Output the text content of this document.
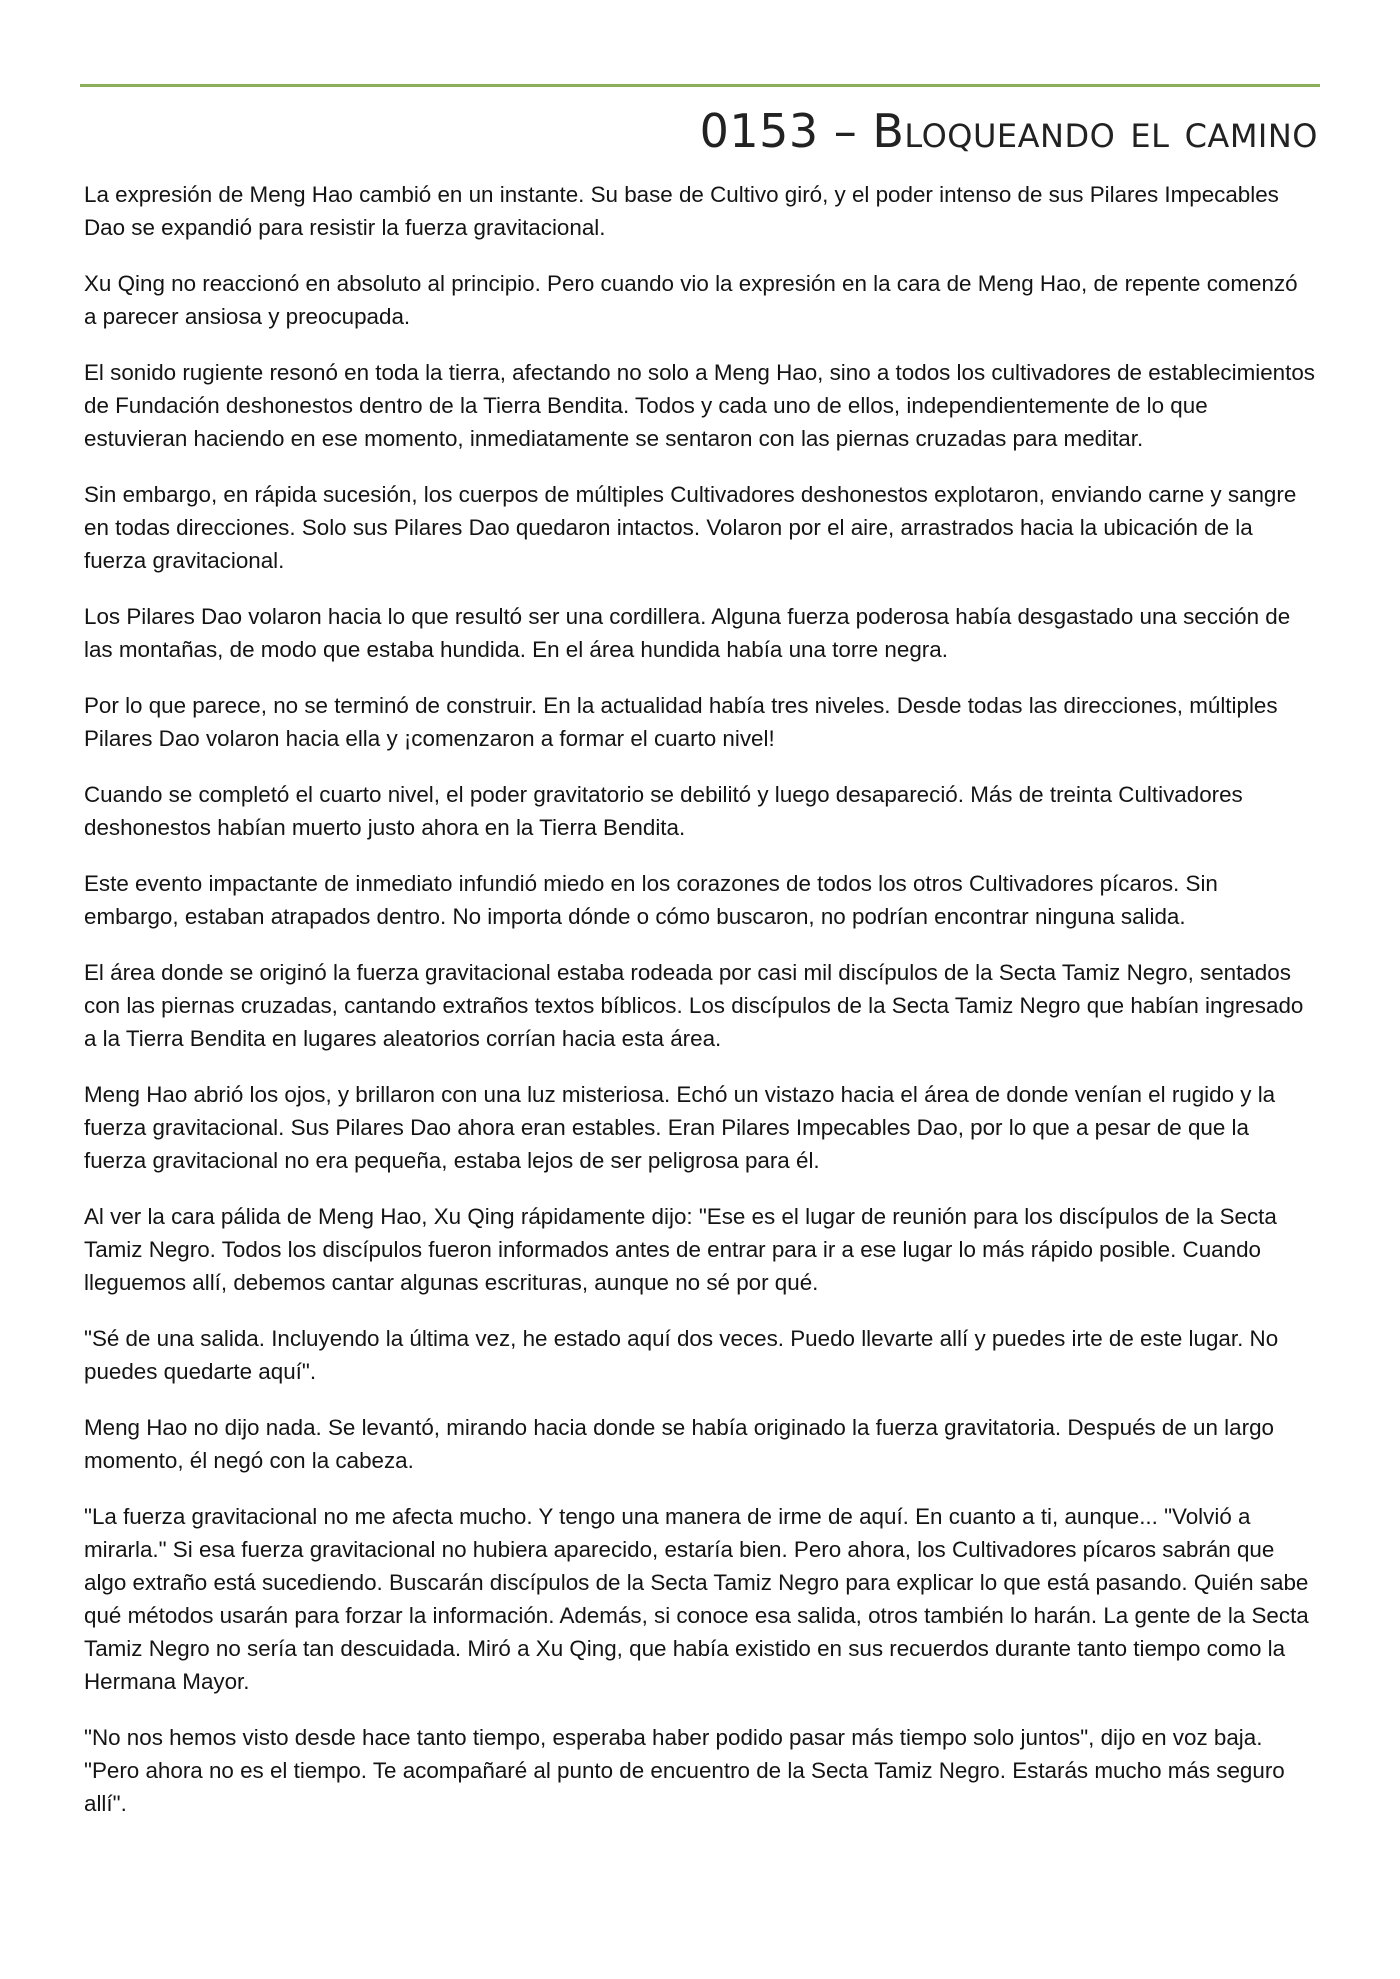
0153 – Bloqueando el camino

La expresión de Meng Hao cambió en un instante. Su base de Cultivo giró, y el poder intenso de sus Pilares Impecables Dao se expandió para resistir la fuerza gravitacional.

Xu Qing no reaccionó en absoluto al principio. Pero cuando vio la expresión en la cara de Meng Hao, de repente comenzó a parecer ansiosa y preocupada.

El sonido rugiente resonó en toda la tierra, afectando no solo a Meng Hao, sino a todos los cultivadores de establecimientos de Fundación deshonestos dentro de la Tierra Bendita. Todos y cada uno de ellos, independientemente de lo que estuvieran haciendo en ese momento, inmediatamente se sentaron con las piernas cruzadas para meditar.

Sin embargo, en rápida sucesión, los cuerpos de múltiples Cultivadores deshonestos explotaron, enviando carne y sangre en todas direcciones. Solo sus Pilares Dao quedaron intactos. Volaron por el aire, arrastrados hacia la ubicación de la fuerza gravitacional.

Los Pilares Dao volaron hacia lo que resultó ser una cordillera. Alguna fuerza poderosa había desgastado una sección de las montañas, de modo que estaba hundida. En el área hundida había una torre negra.

Por lo que parece, no se terminó de construir. En la actualidad había tres niveles. Desde todas las direcciones, múltiples Pilares Dao volaron hacia ella y ¡comenzaron a formar el cuarto nivel!

Cuando se completó el cuarto nivel, el poder gravitatorio se debilitó y luego desapareció. Más de treinta Cultivadores deshonestos habían muerto justo ahora en la Tierra Bendita.

Este evento impactante de inmediato infundió miedo en los corazones de todos los otros Cultivadores pícaros. Sin embargo, estaban atrapados dentro. No importa dónde o cómo buscaron, no podrían encontrar ninguna salida.

El área donde se originó la fuerza gravitacional estaba rodeada por casi mil discípulos de la Secta Tamiz Negro, sentados con las piernas cruzadas, cantando extraños textos bíblicos. Los discípulos de la Secta Tamiz Negro que habían ingresado a la Tierra Bendita en lugares aleatorios corrían hacia esta área.

Meng Hao abrió los ojos, y brillaron con una luz misteriosa. Echó un vistazo hacia el área de donde venían el rugido y la fuerza gravitacional. Sus Pilares Dao ahora eran estables. Eran Pilares Impecables Dao, por lo que a pesar de que la fuerza gravitacional no era pequeña, estaba lejos de ser peligrosa para él.

Al ver la cara pálida de Meng Hao, Xu Qing rápidamente dijo: "Ese es el lugar de reunión para los discípulos de la Secta Tamiz Negro. Todos los discípulos fueron informados antes de entrar para ir a ese lugar lo más rápido posible. Cuando lleguemos allí, debemos cantar algunas escrituras, aunque no sé por qué.

"Sé de una salida. Incluyendo la última vez, he estado aquí dos veces. Puedo llevarte allí y puedes irte de este lugar. No puedes quedarte aquí".

Meng Hao no dijo nada. Se levantó, mirando hacia donde se había originado la fuerza gravitatoria. Después de un largo momento, él negó con la cabeza.

"La fuerza gravitacional no me afecta mucho. Y tengo una manera de irme de aquí. En cuanto a ti, aunque... "Volvió a mirarla." Si esa fuerza gravitacional no hubiera aparecido, estaría bien. Pero ahora, los Cultivadores pícaros sabrán que algo extraño está sucediendo. Buscarán discípulos de la Secta Tamiz Negro para explicar lo que está pasando. Quién sabe qué métodos usarán para forzar la información. Además, si conoce esa salida, otros también lo harán. La gente de la Secta Tamiz Negro no sería tan descuidada. Miró a Xu Qing, que había existido en sus recuerdos durante tanto tiempo como la Hermana Mayor.

"No nos hemos visto desde hace tanto tiempo, esperaba haber podido pasar más tiempo solo juntos", dijo en voz baja. "Pero ahora no es el tiempo. Te acompañaré al punto de encuentro de la Secta Tamiz Negro. Estarás mucho más seguro allí".
